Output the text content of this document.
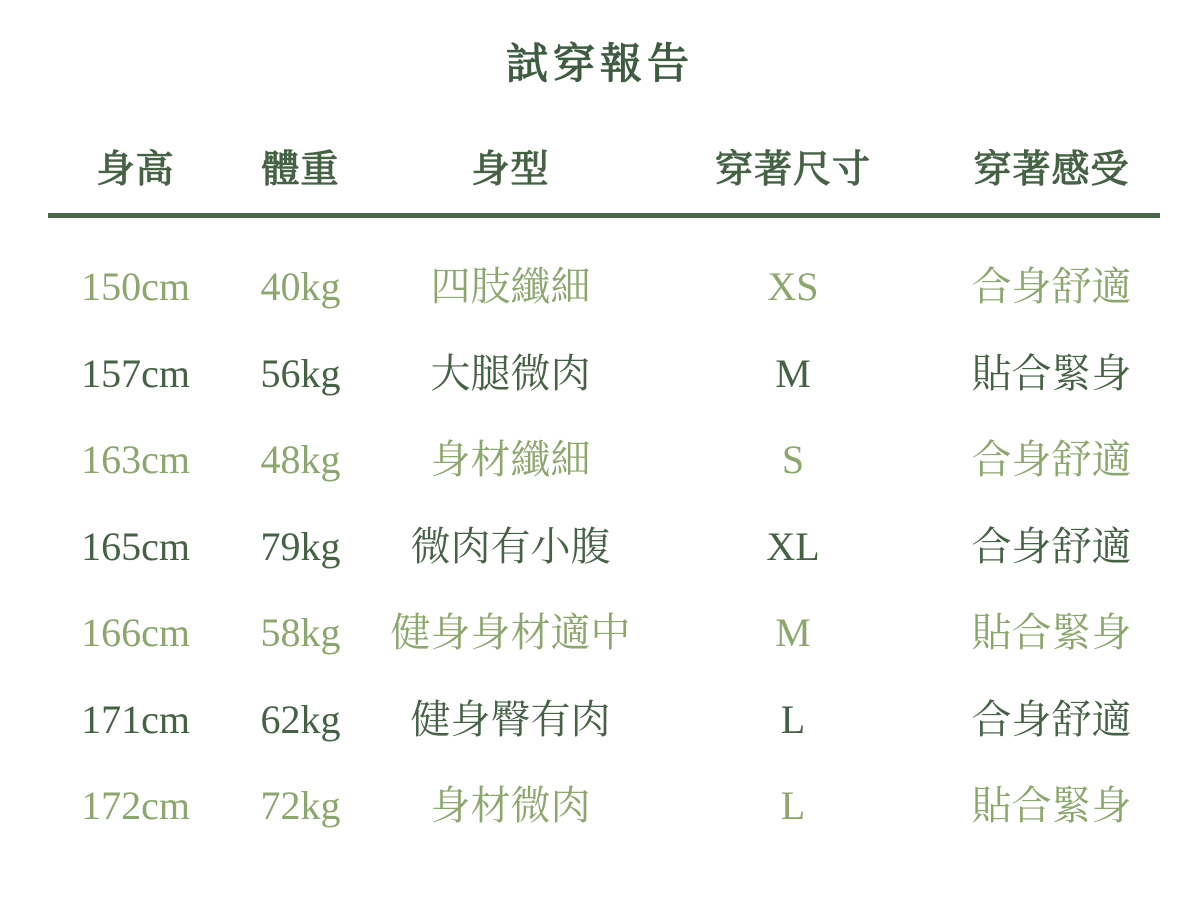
試穿報告
身高	體重	身型	穿著尺寸	穿著感受
150cm	40kg	四肢纖細	XS	合身舒適
157cm	56kg	大腿微肉	M	貼合緊身
163cm	48kg	身材纖細	S	合身舒適
165cm	79kg	微肉有小腹	XL	合身舒適
166cm	58kg	健身身材適中	M	貼合緊身
171cm	62kg	健身臀有肉	L	合身舒適
172cm	72kg	身材微肉	L	貼合緊身
